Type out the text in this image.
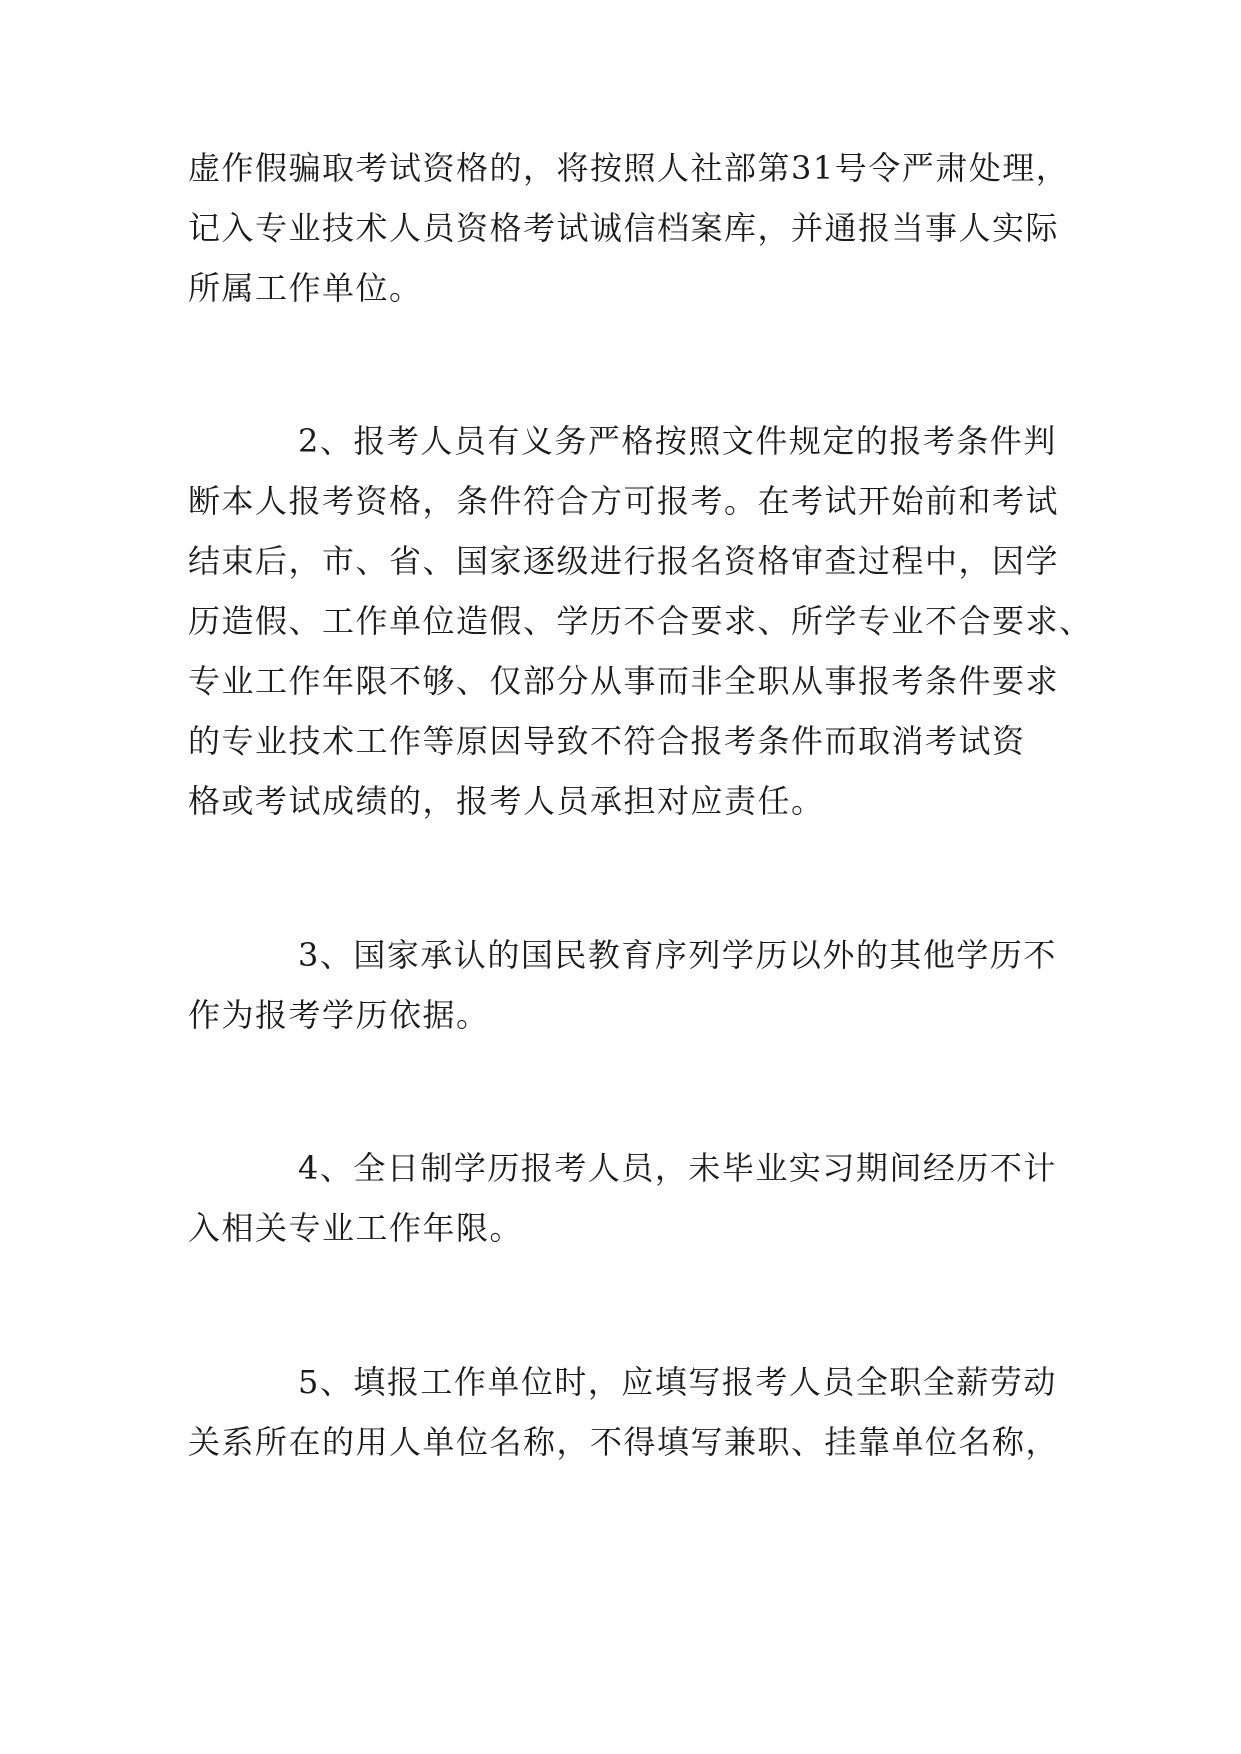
虚作假骗取考试资格的，将按照人社部第31号令严肃处理，
记入专业技术人员资格考试诚信档案库，并通报当事人实际
所属工作单位。
2、报考人员有义务严格按照文件规定的报考条件判
断本人报考资格，条件符合方可报考。在考试开始前和考试
结束后，市、省、国家逐级进行报名资格审查过程中，因学
历造假、工作单位造假、学历不合要求、所学专业不合要求、
专业工作年限不够、仅部分从事而非全职从事报考条件要求
的专业技术工作等原因导致不符合报考条件而取消考试资
格或考试成绩的，报考人员承担对应责任。
3、国家承认的国民教育序列学历以外的其他学历不
作为报考学历依据。
4、全日制学历报考人员，未毕业实习期间经历不计
入相关专业工作年限。
5、填报工作单位时，应填写报考人员全职全薪劳动
关系所在的用人单位名称，不得填写兼职、挂靠单位名称，
